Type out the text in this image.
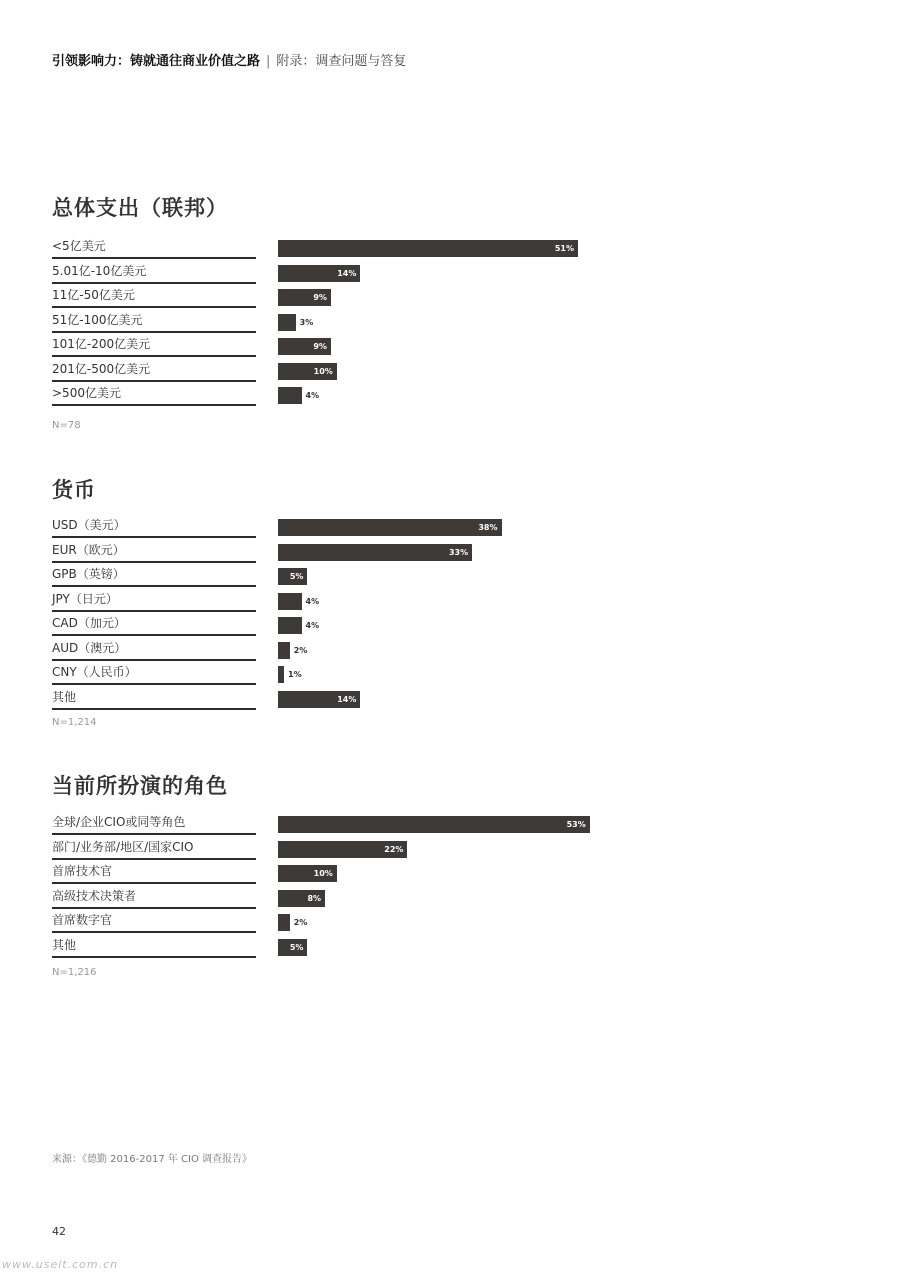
引领影响力：铸就通往商业价值之路 | 附录：调查问题与答复
总体支出（联邦）
<5亿美元	51%
5.01亿-10亿美元	14%
11亿-50亿美元	9%
51亿-100亿美元	3%
101亿-200亿美元	9%
201亿-500亿美元	10%
>500亿美元	4%
N=78
货币
USD（美元）	38%
EUR（欧元）	33%
GPB（英镑）	5%
JPY（日元）	4%
CAD（加元）	4%
AUD（澳元）	2%
CNY（人民币）	1%
其他	14%
N=1,214
当前所扮演的角色
全球/企业CIO或同等角色	53%
部门/业务部/地区/国家CIO	22%
首席技术官	10%
高级技术决策者	8%
首席数字官	2%
其他	5%
N=1,216
来源：《德勤 2016-2017 年 CIO 调查报告》
42
www.useit.com.cn
